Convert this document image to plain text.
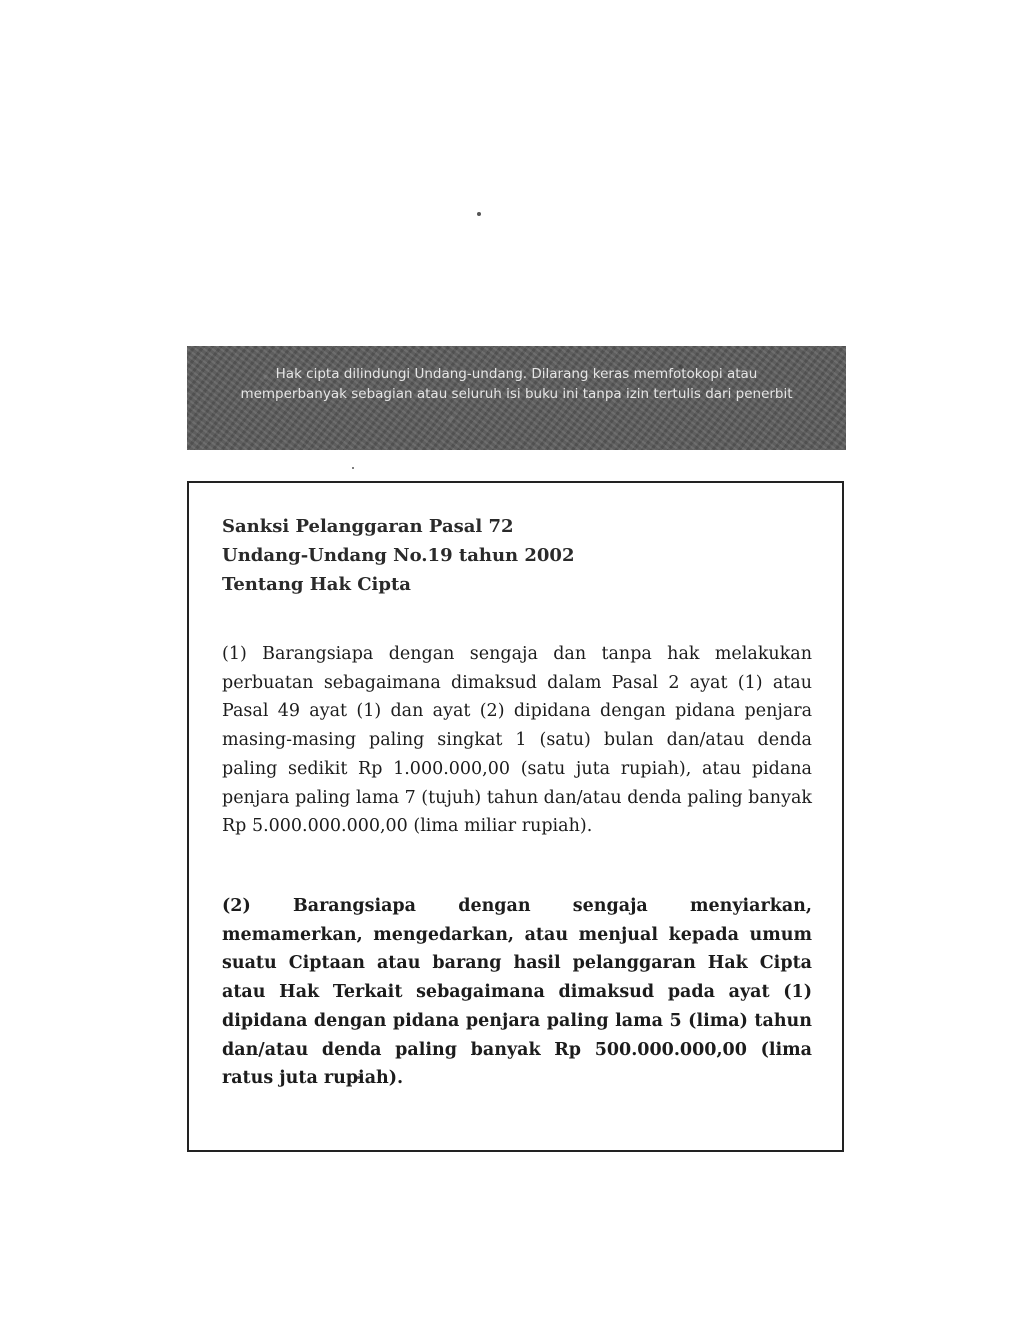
Hak cipta dilindungi Undang-undang. Dilarang keras memfotokopi atau memperbanyak sebagian atau seluruh isi buku ini tanpa izin tertulis dari penerbit

Sanksi Pelanggaran Pasal 72
Undang-Undang No.19 tahun 2002
Tentang Hak Cipta

(1) Barangsiapa dengan sengaja dan tanpa hak melakukan perbuatan sebagaimana dimaksud dalam Pasal 2 ayat (1) atau Pasal 49 ayat (1) dan ayat (2) dipidana dengan pidana penjara masing-masing paling singkat 1 (satu) bulan dan/atau denda paling sedikit Rp 1.000.000,00 (satu juta rupiah), atau pidana penjara paling lama 7 (tujuh) tahun dan/atau denda paling banyak Rp 5.000.000.000,00 (lima miliar rupiah).

(2) Barangsiapa dengan sengaja menyiarkan, memamerkan, mengedarkan, atau menjual kepada umum suatu Ciptaan atau barang hasil pelanggaran Hak Cipta atau Hak Terkait sebagaimana dimaksud pada ayat (1) dipidana dengan pidana penjara paling lama 5 (lima) tahun dan/atau denda paling banyak Rp 500.000.000,00 (lima ratus juta rupiah).
